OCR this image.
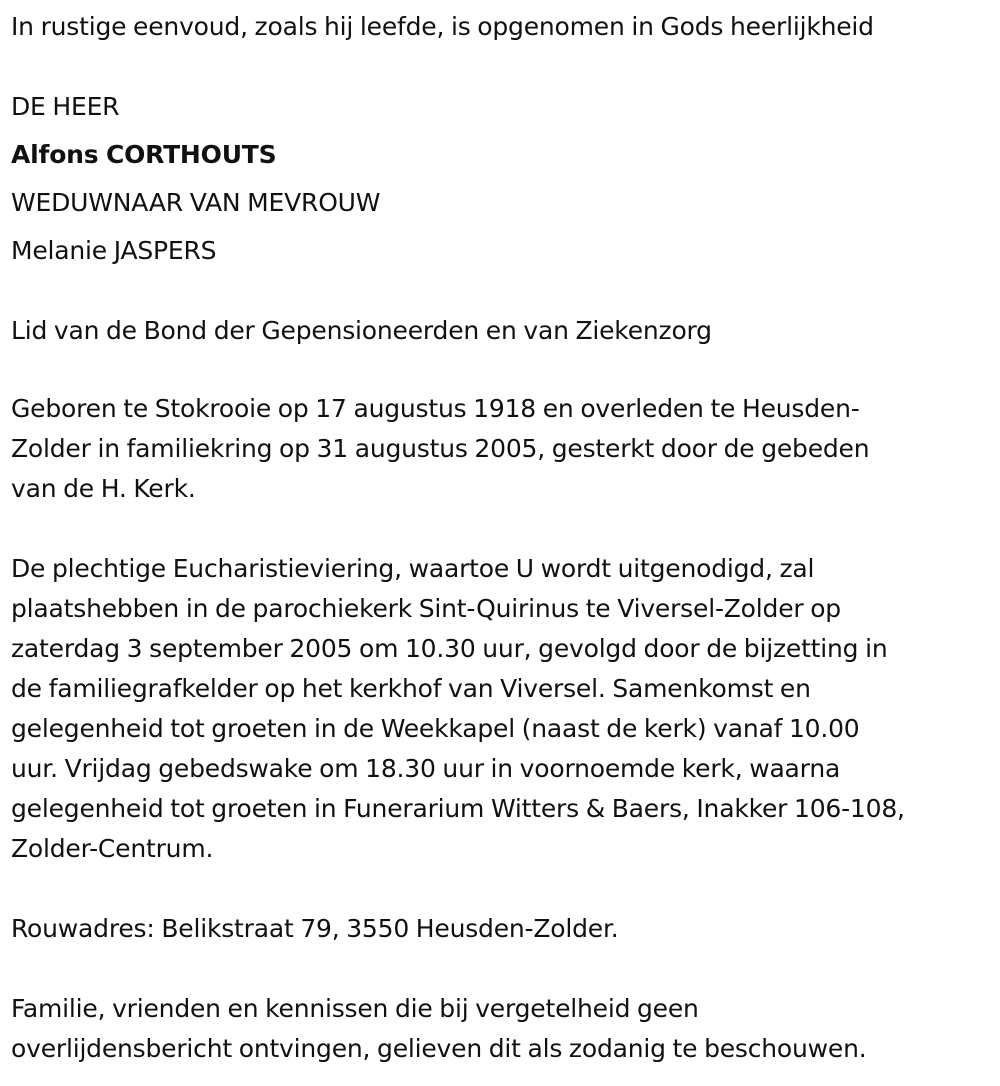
In rustige eenvoud, zoals hij leefde, is opgenomen in Gods heerlijkheid

DE HEER

Alfons CORTHOUTS

WEDUWNAAR VAN MEVROUW

Melanie JASPERS

Lid van de Bond der Gepensioneerden en van Ziekenzorg

Geboren te Stokrooie op 17 augustus 1918 en overleden te Heusden-
Zolder in familiekring op 31 augustus 2005, gesterkt door de gebeden
van de H. Kerk.
De plechtige Eucharistieviering, waartoe U wordt uitgenodigd, zal
plaatshebben in de parochiekerk Sint-Quirinus te Viversel-Zolder op
zaterdag 3 september 2005 om 10.30 uur, gevolgd door de bijzetting in
de familiegrafkelder op het kerkhof van Viversel. Samenkomst en
gelegenheid tot groeten in de Weekkapel (naast de kerk) vanaf 10.00
uur. Vrijdag gebedswake om 18.30 uur in voornoemde kerk, waarna
gelegenheid tot groeten in Funerarium Witters & Baers, Inakker 106-108,
Zolder-Centrum.

Rouwadres: Belikstraat 79, 3550 Heusden-Zolder.

Familie, vrienden en kennissen die bij vergetelheid geen
overlijdensbericht ontvingen, gelieven dit als zodanig te beschouwen.
